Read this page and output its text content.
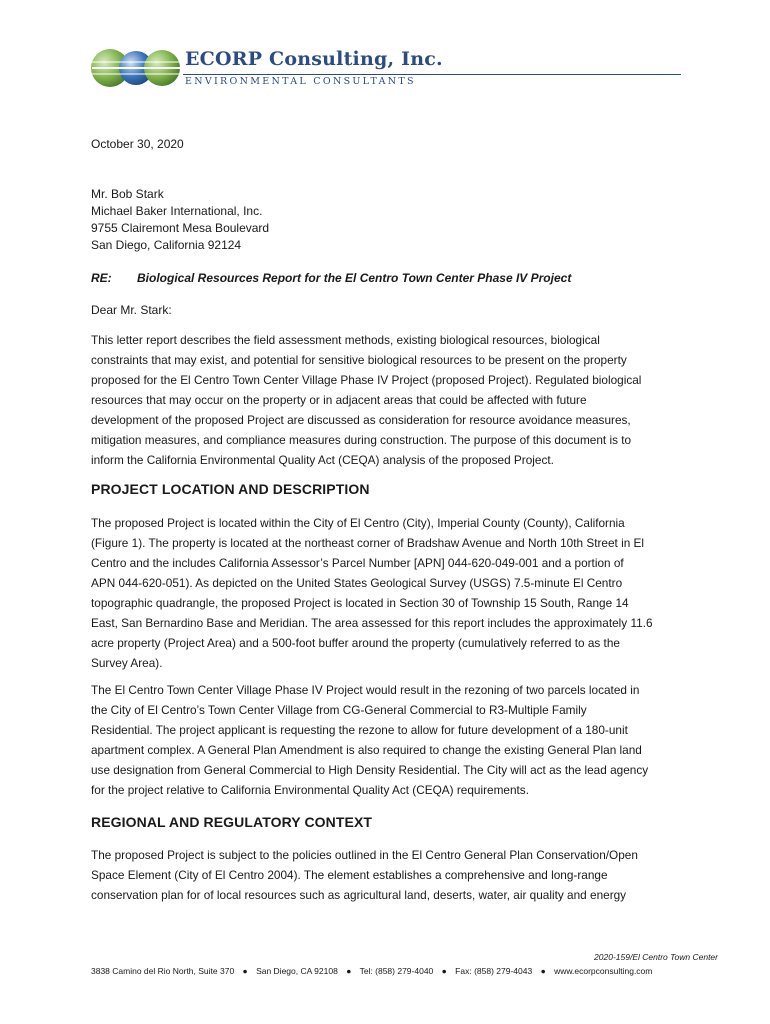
ECORP Consulting, Inc.
ENVIRONMENTAL CONSULTANTS
October 30, 2020
Mr. Bob Stark
Michael Baker International, Inc.
9755 Clairemont Mesa Boulevard
San Diego, California 92124
RE: Biological Resources Report for the El Centro Town Center Phase IV Project
Dear Mr. Stark:
This letter report describes the field assessment methods, existing biological resources, biological
constraints that may exist, and potential for sensitive biological resources to be present on the property
proposed for the El Centro Town Center Village Phase IV Project (proposed Project). Regulated biological
resources that may occur on the property or in adjacent areas that could be affected with future
development of the proposed Project are discussed as consideration for resource avoidance measures,
mitigation measures, and compliance measures during construction. The purpose of this document is to
inform the California Environmental Quality Act (CEQA) analysis of the proposed Project.
PROJECT LOCATION AND DESCRIPTION
The proposed Project is located within the City of El Centro (City), Imperial County (County), California
(Figure 1). The property is located at the northeast corner of Bradshaw Avenue and North 10th Street in El
Centro and the includes California Assessor’s Parcel Number [APN] 044-620-049-001 and a portion of
APN 044-620-051). As depicted on the United States Geological Survey (USGS) 7.5-minute El Centro
topographic quadrangle, the proposed Project is located in Section 30 of Township 15 South, Range 14
East, San Bernardino Base and Meridian. The area assessed for this report includes the approximately 11.6
acre property (Project Area) and a 500-foot buffer around the property (cumulatively referred to as the
Survey Area).
The El Centro Town Center Village Phase IV Project would result in the rezoning of two parcels located in
the City of El Centro’s Town Center Village from CG-General Commercial to R3-Multiple Family
Residential. The project applicant is requesting the rezone to allow for future development of a 180-unit
apartment complex. A General Plan Amendment is also required to change the existing General Plan land
use designation from General Commercial to High Density Residential. The City will act as the lead agency
for the project relative to California Environmental Quality Act (CEQA) requirements.
REGIONAL AND REGULATORY CONTEXT
The proposed Project is subject to the policies outlined in the El Centro General Plan Conservation/Open
Space Element (City of El Centro 2004). The element establishes a comprehensive and long-range
conservation plan for of local resources such as agricultural land, deserts, water, air quality and energy
2020-159/El Centro Town Center
3838 Camino del Rio North, Suite 370 ● San Diego, CA 92108 ● Tel: (858) 279-4040 ● Fax: (858) 279-4043 ● www.ecorpconsulting.com
